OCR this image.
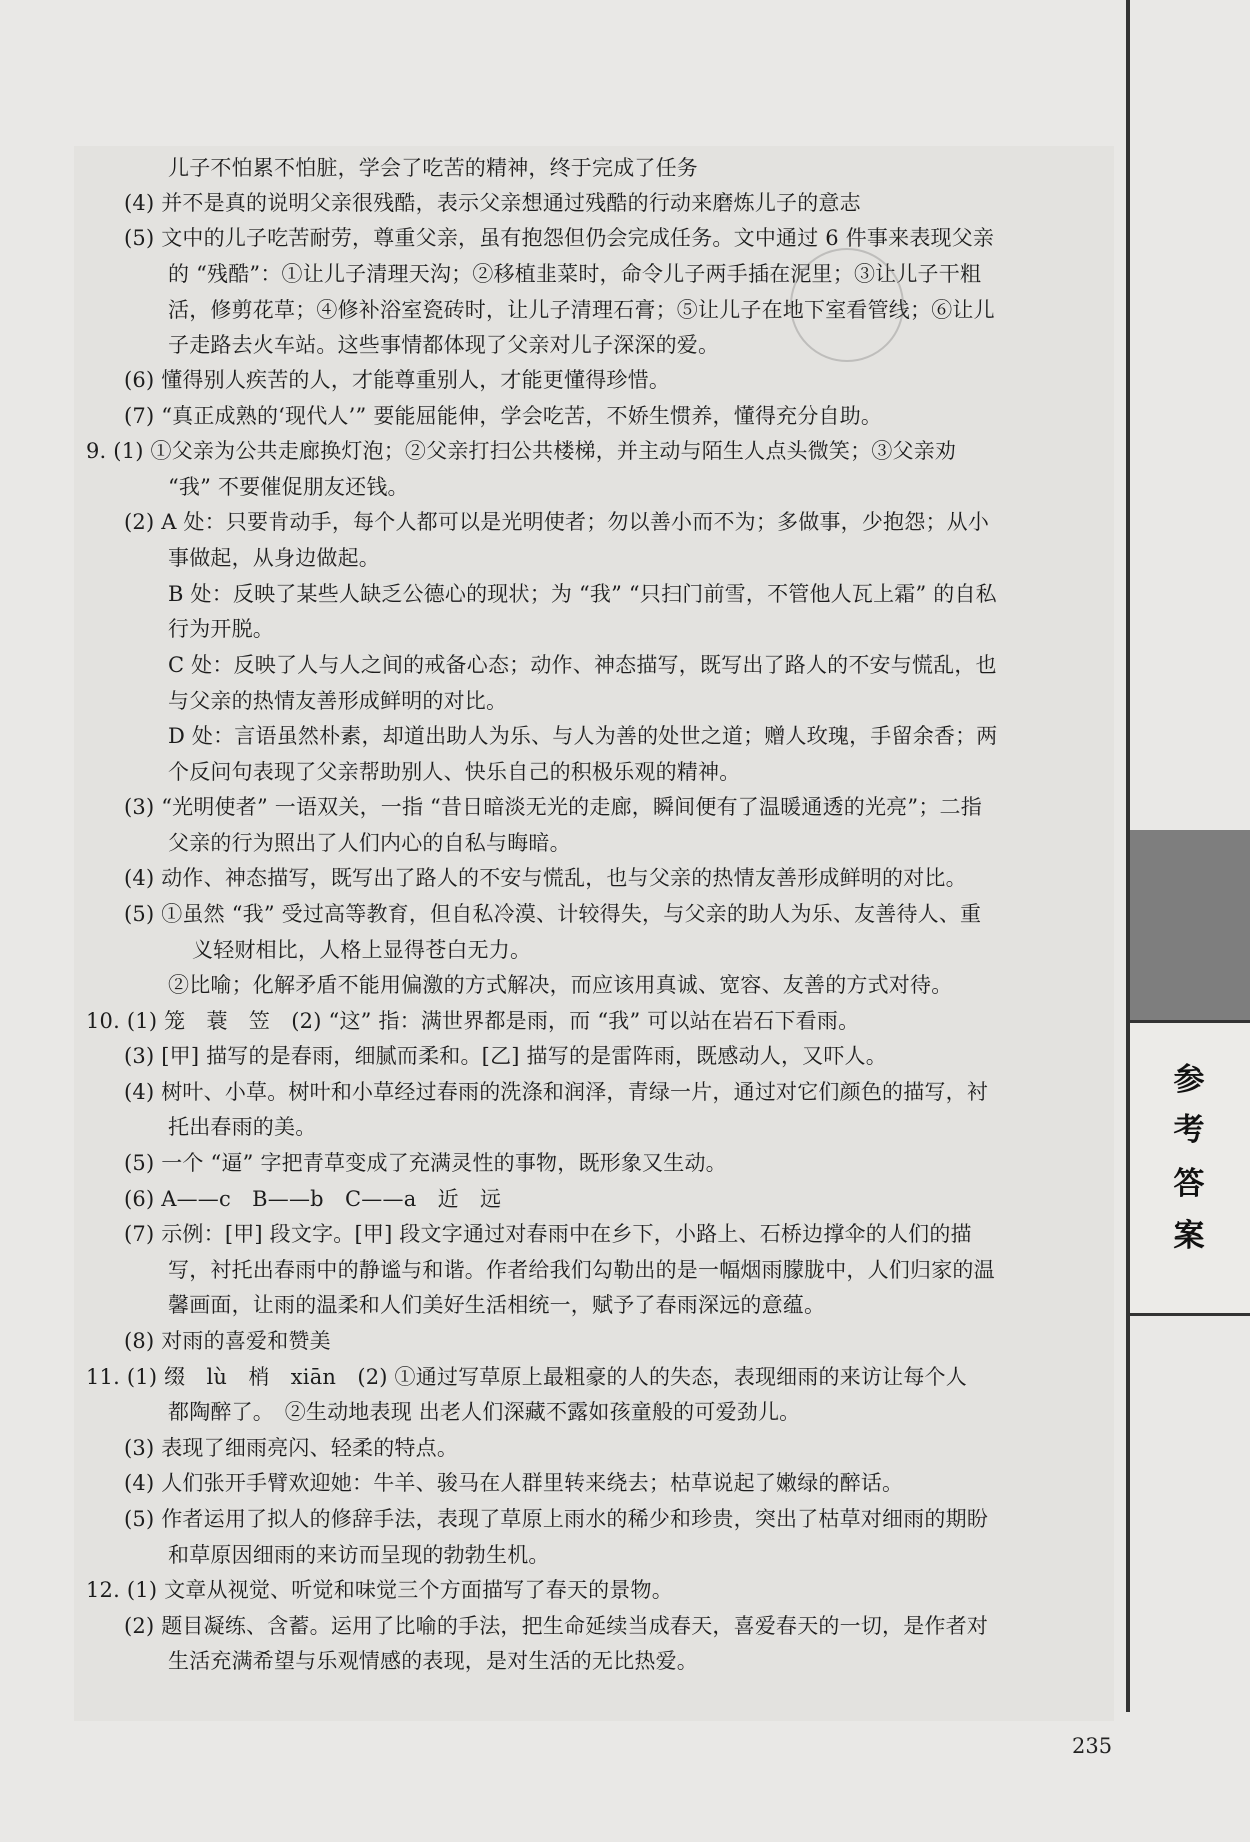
儿子不怕累不怕脏，学会了吃苦的精神，终于完成了任务
(4) 并不是真的说明父亲很残酷，表示父亲想通过残酷的行动来磨炼儿子的意志
(5) 文中的儿子吃苦耐劳，尊重父亲，虽有抱怨但仍会完成任务。文中通过 6 件事来表现父亲
的 “残酷”：①让儿子清理天沟；②移植韭菜时，命令儿子两手插在泥里；③让儿子干粗
活，修剪花草；④修补浴室瓷砖时，让儿子清理石膏；⑤让儿子在地下室看管线；⑥让儿
子走路去火车站。这些事情都体现了父亲对儿子深深的爱。
(6) 懂得别人疾苦的人，才能尊重别人，才能更懂得珍惜。
(7) “真正成熟的‘现代人’” 要能屈能伸，学会吃苦，不娇生惯养，懂得充分自助。
9. (1) ①父亲为公共走廊换灯泡；②父亲打扫公共楼梯，并主动与陌生人点头微笑；③父亲劝
“我” 不要催促朋友还钱。
(2) A 处：只要肯动手，每个人都可以是光明使者；勿以善小而不为；多做事，少抱怨；从小
事做起，从身边做起。
B 处：反映了某些人缺乏公德心的现状；为 “我” “只扫门前雪，不管他人瓦上霜” 的自私
行为开脱。
C 处：反映了人与人之间的戒备心态；动作、神态描写，既写出了路人的不安与慌乱，也
与父亲的热情友善形成鲜明的对比。
D 处：言语虽然朴素，却道出助人为乐、与人为善的处世之道；赠人玫瑰，手留余香；两
个反问句表现了父亲帮助别人、快乐自己的积极乐观的精神。
(3) “光明使者” 一语双关，一指 “昔日暗淡无光的走廊，瞬间便有了温暖通透的光亮”；二指
父亲的行为照出了人们内心的自私与晦暗。
(4) 动作、神态描写，既写出了路人的不安与慌乱，也与父亲的热情友善形成鲜明的对比。
(5) ①虽然 “我” 受过高等教育，但自私冷漠、计较得失，与父亲的助人为乐、友善待人、重
义轻财相比，人格上显得苍白无力。
②比喻；化解矛盾不能用偏激的方式解决，而应该用真诚、宽容、友善的方式对待。
10. (1) 笼　蓑　笠　(2) “这” 指：满世界都是雨，而 “我” 可以站在岩石下看雨。
(3) [甲] 描写的是春雨，细腻而柔和。[乙] 描写的是雷阵雨，既感动人，又吓人。
(4) 树叶、小草。树叶和小草经过春雨的洗涤和润泽，青绿一片，通过对它们颜色的描写，衬
托出春雨的美。
(5) 一个 “逼” 字把青草变成了充满灵性的事物，既形象又生动。
(6) A——c　B——b　C——a　近　远
(7) 示例：[甲] 段文字。[甲] 段文字通过对春雨中在乡下，小路上、石桥边撑伞的人们的描
写，衬托出春雨中的静谧与和谐。作者给我们勾勒出的是一幅烟雨朦胧中，人们归家的温
馨画面，让雨的温柔和人们美好生活相统一，赋予了春雨深远的意蕴。
(8) 对雨的喜爱和赞美
11. (1) 缀　lù　梢　xiān　(2) ①通过写草原上最粗豪的人的失态，表现细雨的来访让每个人
都陶醉了。　②生动地表现 出老人们深藏不露如孩童般的可爱劲儿。
(3) 表现了细雨亮闪、轻柔的特点。
(4) 人们张开手臂欢迎她：牛羊、骏马在人群里转来绕去；枯草说起了嫩绿的醉话。
(5) 作者运用了拟人的修辞手法，表现了草原上雨水的稀少和珍贵，突出了枯草对细雨的期盼
和草原因细雨的来访而呈现的勃勃生机。
12. (1) 文章从视觉、听觉和味觉三个方面描写了春天的景物。
(2) 题目凝练、含蓄。运用了比喻的手法，把生命延续当成春天，喜爱春天的一切，是作者对
生活充满希望与乐观情感的表现，是对生活的无比热爱。
参
考
答
案
235
